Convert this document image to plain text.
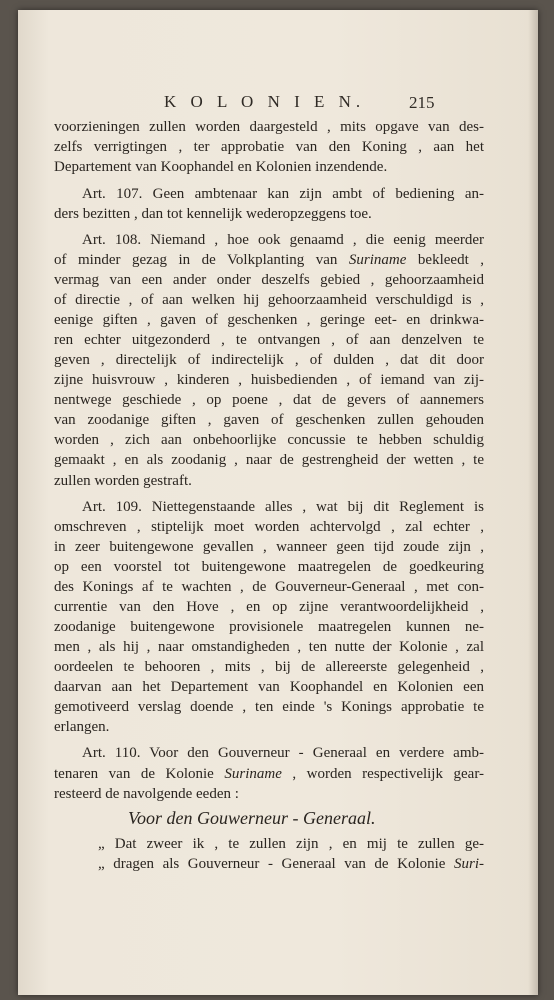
K O L O N I E N.	215
voorzieningen zullen worden daargesteld , mits opgave van des-
zelfs verrigtingen , ter approbatie van den Koning , aan het
Departement van Koophandel en Kolonien inzendende.
Art. 107. Geen ambtenaar kan zijn ambt of bediening an-
ders bezitten , dan tot kennelijk wederopzeggens toe.
Art. 108. Niemand , hoe ook genaamd , die eenig meerder
of minder gezag in de Volkplanting van Suriname bekleedt ,
vermag van een ander onder deszelfs gebied , gehoorzaamheid
of directie , of aan welken hij gehoorzaamheid verschuldigd is ,
eenige giften , gaven of geschenken , geringe eet- en drinkwa-
ren echter uitgezonderd , te ontvangen , of aan denzelven te
geven , directelijk of indirectelijk , of dulden , dat dit door
zijne huisvrouw , kinderen , huisbedienden , of iemand van zij-
nentwege geschiede , op poene , dat de gevers of aannemers
van zoodanige giften , gaven of geschenken zullen gehouden
worden , zich aan onbehoorlijke concussie te hebben schuldig
gemaakt , en als zoodanig , naar de gestrengheid der wetten , te
zullen worden gestraft.
Art. 109. Niettegenstaande alles , wat bij dit Reglement is
omschreven , stiptelijk moet worden achtervolgd , zal echter ,
in zeer buitengewone gevallen , wanneer geen tijd zoude zijn ,
op een voorstel tot buitengewone maatregelen de goedkeuring
des Konings af te wachten , de Gouverneur-Generaal , met con-
currentie van den Hove , en op zijne verantwoordelijkheid ,
zoodanige buitengewone provisionele maatregelen kunnen ne-
men , als hij , naar omstandigheden , ten nutte der Kolonie , zal
oordeelen te behooren , mits , bij de allereerste gelegenheid ,
daarvan aan het Departement van Koophandel en Kolonien een
gemotiveerd verslag doende , ten einde 's Konings approbatie te
erlangen.
Art. 110. Voor den Gouverneur - Generaal en verdere amb-
tenaren van de Kolonie Suriname , worden respectivelijk gear-
resteerd de navolgende eeden :
Voor den Gouwerneur - Generaal.
„ Dat zweer ik , te zullen zijn , en mij te zullen ge-
„ dragen als Gouverneur - Generaal van de Kolonie Suri-
